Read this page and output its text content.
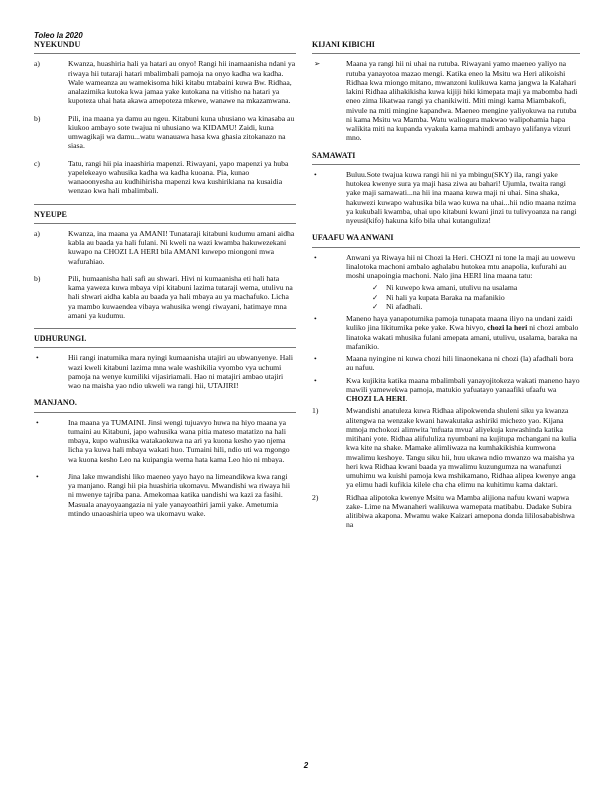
Toleo la 2020
NYEKUNDU
a)	Kwanza, huashiria hali ya hatari au onyo! Rangi hii inamaanisha ndani ya riwaya hii tutaraji hatari mbalimbali pamoja na onyo kadha wa kadha. Wale wameanza au wamekisoma hiki kitabu mtabaini kuwa Bw. Ridhaa, analazimika kutoka kwa jamaa yake kutokana na vitisho na hatari ya kupoteza uhai hata akawa amepoteza mkewe, wanawe na mkazamwana.
b)	Pili, ina maana ya damu au ngeu. Kitabuni kuna uhusiano wa kinasaba au kiukoo ambayo sote twajua ni uhusiano wa KIDAMU! Zaidi, kuna umwagikaji wa damu...watu wanauawa hasa kwa ghasia zitokanazo na siasa.
c)	Tatu, rangi hii pia inaashiria mapenzi. Riwayani, yapo mapenzi ya huba yapelekeayo wahusika kadha wa kadha kuoana. Pia, kunao wanaoonyesha au kudhihirisha mapenzi kwa kushirikiana na kusaidia wenzao kwa hali mbalimbali.
NYEUPE
a)	Kwanza, ina maana ya AMANI! Tunataraji kitabuni kudumu amani aidha kabla au baada ya hali fulani. Ni kweli na wazi kwamba hakuwezekani kuwapo na CHOZI LA HERI bila AMANI kuwepo miongoni mwa wafurahiao.
b)	Pili, humaanisha hali safi au shwari. Hivi ni kumaanisha eti hali hata kama yaweza kuwa mbaya vipi kitabuni lazima tutaraji wema, utulivu na hali shwari aidha kabla au baada ya hali mbaya au ya machafuko. Licha ya mambo kuwaendea vibaya wahusika wengi riwayani, hatimaye mna amani ya kudumu.
UDHURUNGI.
•	Hii rangi inatumika mara nyingi kumaanisha utajiri au ubwanyenye. Hali wazi kweli kitabuni lazima mna wale washikilia vyombo vya uchumi pamoja na wenye kumiliki vijasiriamali. Hao ni matajiri ambao utajiri wao na maisha yao ndio ukweli wa rangi hii, UTAJIRI!
MANJANO.
•	Ina maana ya TUMAINI. Jinsi wengi tujuavyo huwa na hiyo maana ya tumaini au Kitabuni, japo wahusika wana pitia mateso matatizo na hali mbaya, kupo wahusika watakaokuwa na ari ya kuona kesho yao njema licha ya kuwa hali mbaya wakati huo. Tumaini hili, ndio uti wa mgongo wa kuona kesho Leo na kuipangia wema hata kama Leo hio ni mbaya.
•	Jina lake mwandishi liko maeneo yayo hayo na limeandikwa kwa rangi ya manjano. Rangi hii pia huashiria ukomavu. Mwandishi wa riwaya hii ni mwenye tajriba pana. Amekomaa katika uandishi wa kazi za fasihi. Masuala anayoyaangazia ni yale yanayoathiri jamii yake. Ametumia mtindo unaoashiria upeo wa ukomavu wake.
KIJANI KIBICHI
➢	Maana ya rangi hii ni uhai na rutuba. Riwayani yamo maeneo yaliyo na rutuba yanayotoa mazao mengi. Katika eneo la Msitu wa Heri alikoishi Ridhaa kwa miongo mitano, mwanzoni kulikuwa kama jangwa la Kalahari lakini Ridhaa alihakikisha kuwa kijiji hiki kimepata maji ya mabomba hadi eneo zima likatwaa rangi ya chanikiwiti. Miti mingi kama Miambakofi, mivule na miti mingine kapandwa. Maeneo mengine yaliyokuwa na rutuba ni kama Msitu wa Mamba. Watu waliogura makwao walipohamia hapa walikita miti na kupanda vyakula kama mahindi ambayo yalifanya vizuri mno.
SAMAWATI
•	Buluu.Sote twajua kuwa rangi hii ni ya mbingu(SKY) ila, rangi yake hutokea kwenye sura ya maji hasa ziwa au bahari! Ujumla, twaita rangi yake maji samawati...na hii ina maana kuwa maji ni uhai. Sina shaka, hakuwezi kuwapo wahusika bila wao kuwa na uhai...hii ndio maana nzima ya kukubali kwamba, uhai upo kitabuni kwani jinzi tu tulivyoanza na rangi nyeusi(kifo) hakuna kifo bila uhai kutanguliza!
UFAAFU WA ANWANI
•	Anwani ya Riwaya hii ni Chozi la Heri. CHOZI ni tone la maji au uowevu linalotoka machoni ambalo aghalabu hutokea mtu anapolia, kufurahi au moshi unapoingia machoni. Nalo jina HERI lina maana tatu:
✓ Ni kuwepo kwa amani, utulivu na usalama
✓ Ni hali ya kupata Baraka na mafanikio
✓ Ni afadhali.
•	Maneno haya yanapotumika pamoja tunapata maana iliyo na undani zaidi kuliko jina likitumika peke yake. Kwa hivyo, chozi la heri ni chozi ambalo linatoka wakati mhusika fulani amepata amani, utulivu, usalama, baraka na mafanikio.
•	Maana nyingine ni kuwa chozi hili linaonekana ni chozi (la) afadhali bora au nafuu.
•	Kwa kujikita katika maana mbalimbali yanayojitokeza wakati maneno hayo mawili yamewekwa pamoja, matukio yafuatayo yanaafiki ufaafu wa CHOZI LA HERI.
1)	Mwandishi anatuleza kuwa Ridhaa alipokwenda shuleni siku ya kwanza alitengwa na wenzake kwani hawakutaka ashiriki michezo yao. Kijana mmoja mchokozi alimwita 'mfuata mvua' aliyekuja kuwashinda katika mitihani yote. Ridhaa alifululiza nyumbani na kujitupa mchangani na kulia kwa kite na shake. Mamake alimliwaza na kumhakikishia kumwona mwalimu keshoye. Tangu siku hii, huu ukawa ndio mwanzo wa maisha ya heri kwa Ridhaa kwani baada ya mwalimu kuzungumza na wanafunzi umuhimu wa kuishi pamoja kwa mshikamano, Ridhaa alipea kwenye anga ya elimu hadi kufikia kilele cha cha elimu na kuhitimu kama daktari.
2)	Ridhaa alipotoka kwenye Msitu wa Mamba alijiona nafuu kwani wapwa zake- Lime na Mwanaheri walikuwa wamepata matibabu. Dadake Subira alitibiwa akapona. Mwamu wake Kaizari amepona donda lililosababishwa na
2
